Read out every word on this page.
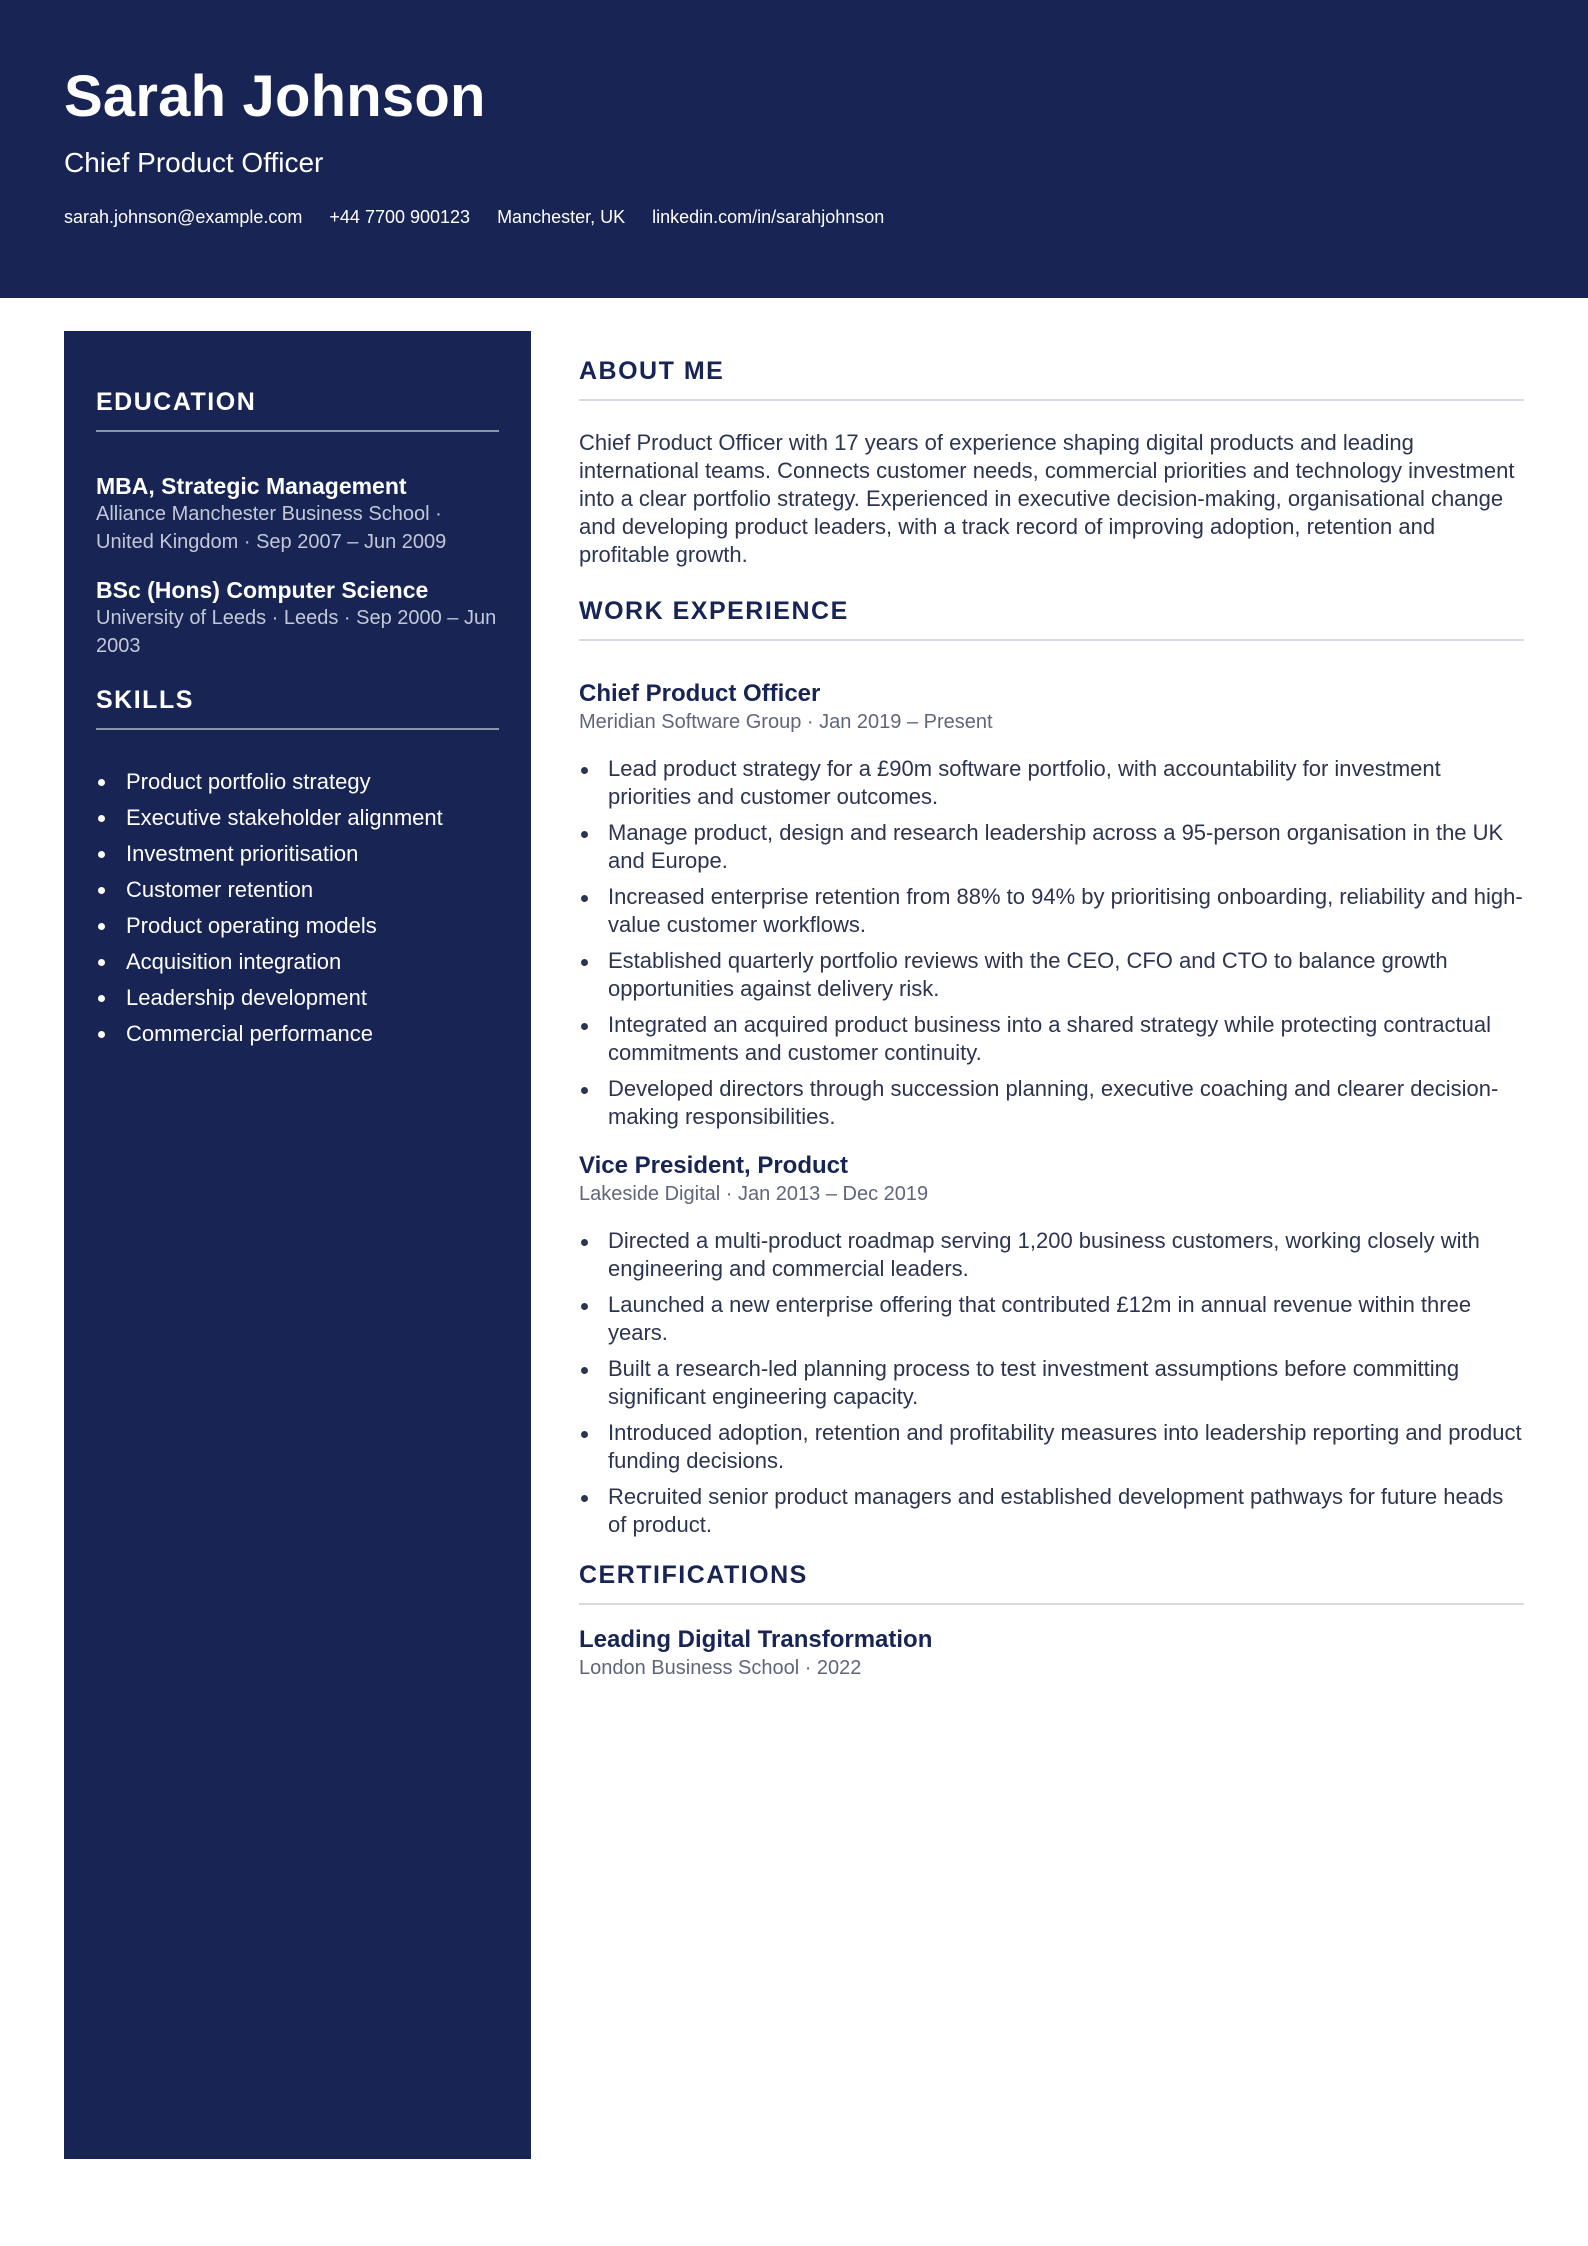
Sarah Johnson
Chief Product Officer
sarah.johnson@example.com +44 7700 900123 Manchester, UK linkedin.com/in/sarahjohnson
EDUCATION
MBA, Strategic Management
Alliance Manchester Business School · United Kingdom · Sep 2007 – Jun 2009
BSc (Hons) Computer Science
University of Leeds · Leeds · Sep 2000 – Jun 2003
SKILLS
Product portfolio strategy
Executive stakeholder alignment
Investment prioritisation
Customer retention
Product operating models
Acquisition integration
Leadership development
Commercial performance
ABOUT ME

Chief Product Officer with 17 years of experience shaping digital products and leading international teams. Connects customer needs, commercial priorities and technology investment into a clear portfolio strategy. Experienced in executive decision-making, organisational change and developing product leaders, with a track record of improving adoption, retention and profitable growth.

WORK EXPERIENCE
Chief Product Officer
Meridian Software Group · Jan 2019 – Present
Lead product strategy for a £90m software portfolio, with accountability for investment priorities and customer outcomes.
Manage product, design and research leadership across a 95-person organisation in the UK and Europe.
Increased enterprise retention from 88% to 94% by prioritising onboarding, reliability and high-value customer workflows.
Established quarterly portfolio reviews with the CEO, CFO and CTO to balance growth opportunities against delivery risk.
Integrated an acquired product business into a shared strategy while protecting contractual commitments and customer continuity.
Developed directors through succession planning, executive coaching and clearer decision-making responsibilities.
Vice President, Product
Lakeside Digital · Jan 2013 – Dec 2019
Directed a multi-product roadmap serving 1,200 business customers, working closely with engineering and commercial leaders.
Launched a new enterprise offering that contributed £12m in annual revenue within three years.
Built a research-led planning process to test investment assumptions before committing significant engineering capacity.
Introduced adoption, retention and profitability measures into leadership reporting and product funding decisions.
Recruited senior product managers and established development pathways for future heads of product.
CERTIFICATIONS
Leading Digital Transformation
London Business School · 2022
